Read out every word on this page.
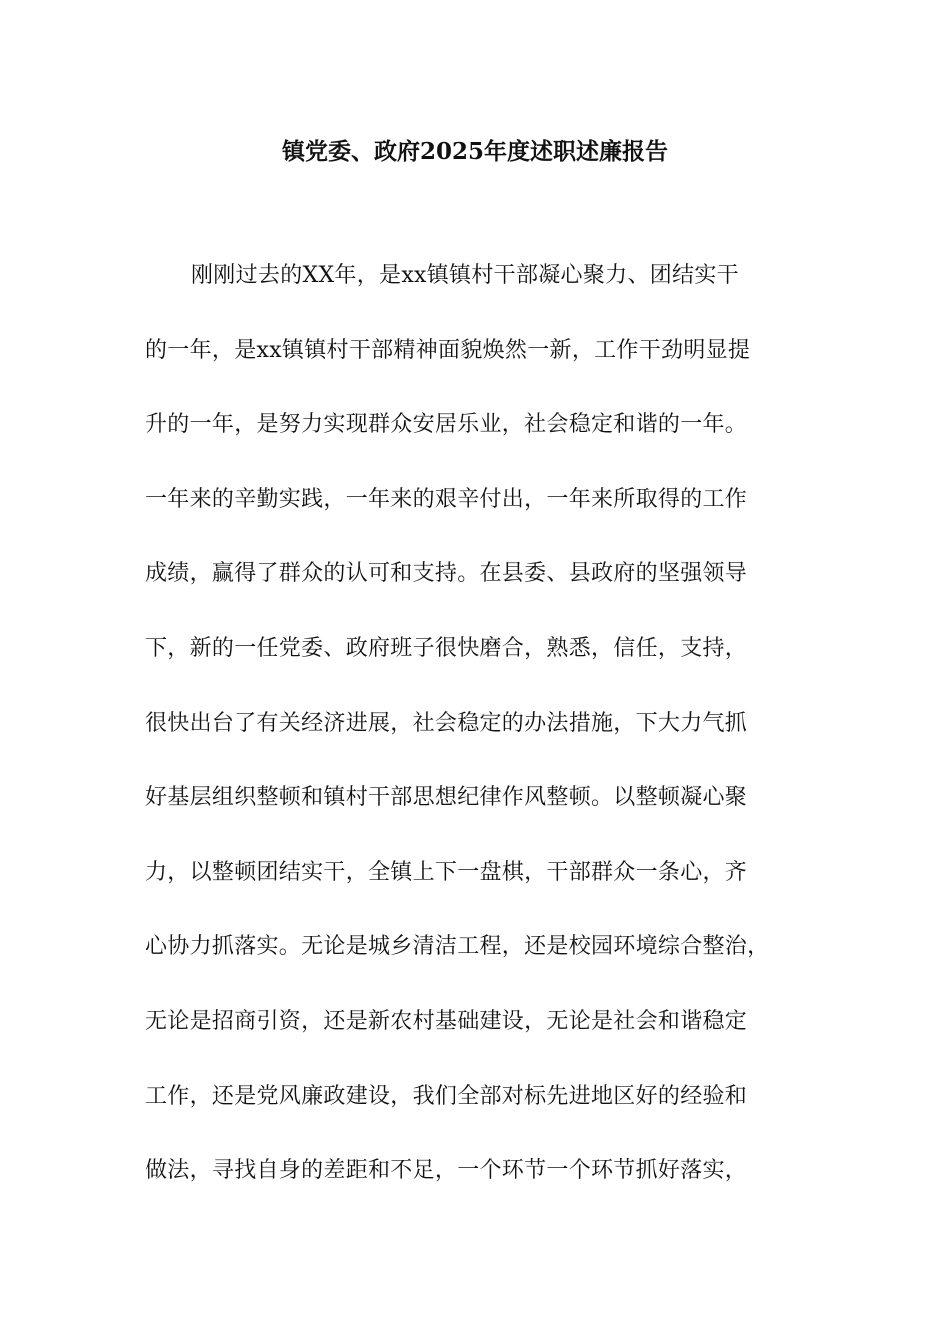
镇党委、政府2025年度述职述廉报告
刚刚过去的XX年，是xx镇镇村干部凝心聚力、团结实干
的一年，是xx镇镇村干部精神面貌焕然一新，工作干劲明显提
升的一年，是努力实现群众安居乐业，社会稳定和谐的一年。
一年来的辛勤实践，一年来的艰辛付出，一年来所取得的工作
成绩，赢得了群众的认可和支持。在县委、县政府的坚强领导
下，新的一任党委、政府班子很快磨合，熟悉，信任，支持，
很快出台了有关经济进展，社会稳定的办法措施，下大力气抓
好基层组织整顿和镇村干部思想纪律作风整顿。以整顿凝心聚
力，以整顿团结实干，全镇上下一盘棋，干部群众一条心，齐
心协力抓落实。无论是城乡清洁工程，还是校园环境综合整治，
无论是招商引资，还是新农村基础建设，无论是社会和谐稳定
工作，还是党风廉政建设，我们全部对标先进地区好的经验和
做法，寻找自身的差距和不足，一个环节一个环节抓好落实，
